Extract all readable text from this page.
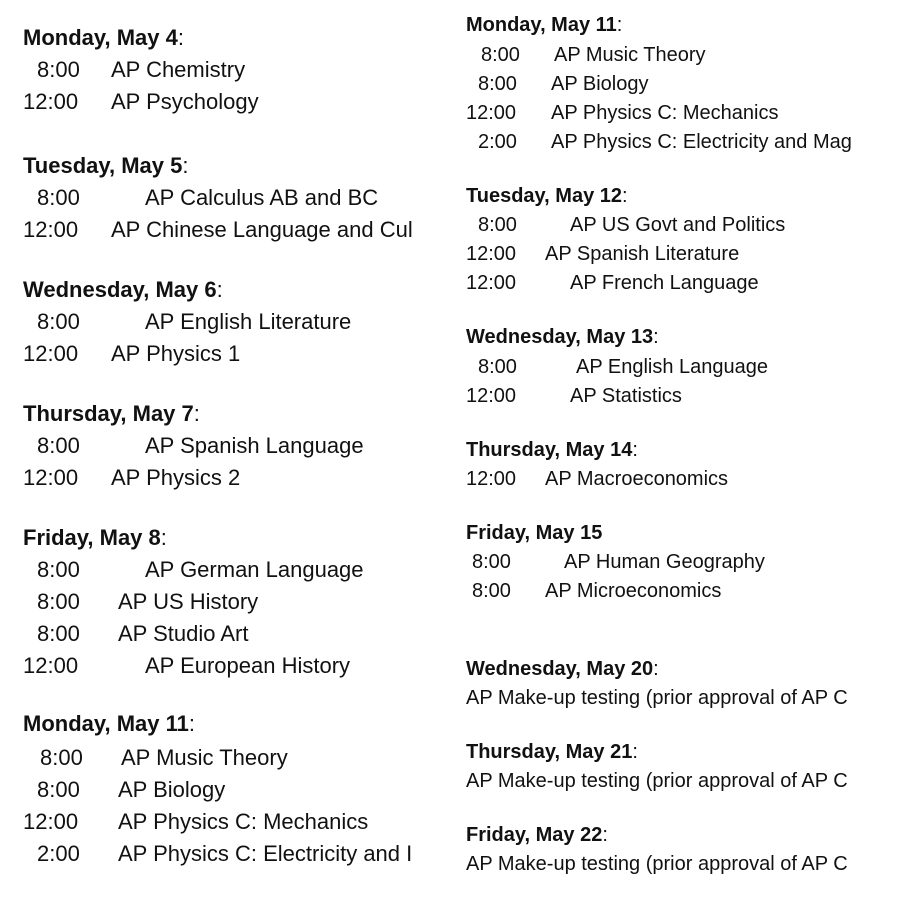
Monday, May 4:
8:00 AP Chemistry
12:00 AP Psychology
Tuesday, May 5:
8:00	AP Calculus AB and BC
12:00 AP Chinese Language and Cul
Wednesday, May 6:
8:00	AP English Literature
12:00 AP Physics 1
Thursday, May 7:
8:00	AP Spanish Language
12:00 AP Physics 2
Friday, May 8:
8:00	AP German Language
8:00 AP US History
8:00 AP Studio Art
12:00	AP European History
Monday, May 11:
8:00 AP Music Theory
8:00 AP Biology
12:00 AP Physics C: Mechanics
2:00 AP Physics C: Electricity and I
Monday, May 11:
8:00 AP Music Theory
8:00 AP Biology
12:00 AP Physics C: Mechanics
2:00 AP Physics C: Electricity and Mag
Tuesday, May 12:
8:00	AP US Govt and Politics
12:00 AP Spanish Literature
12:00	AP French Language
Wednesday, May 13:
8:00	AP English Language
12:00	AP Statistics
Thursday, May 14:
12:00 AP Macroeconomics
Friday, May 15
8:00	AP Human Geography
8:00 AP Microeconomics
Wednesday, May 20:
AP Make-up testing (prior approval of AP C
Thursday, May 21:
AP Make-up testing (prior approval of AP C
Friday, May 22:
AP Make-up testing (prior approval of AP C
